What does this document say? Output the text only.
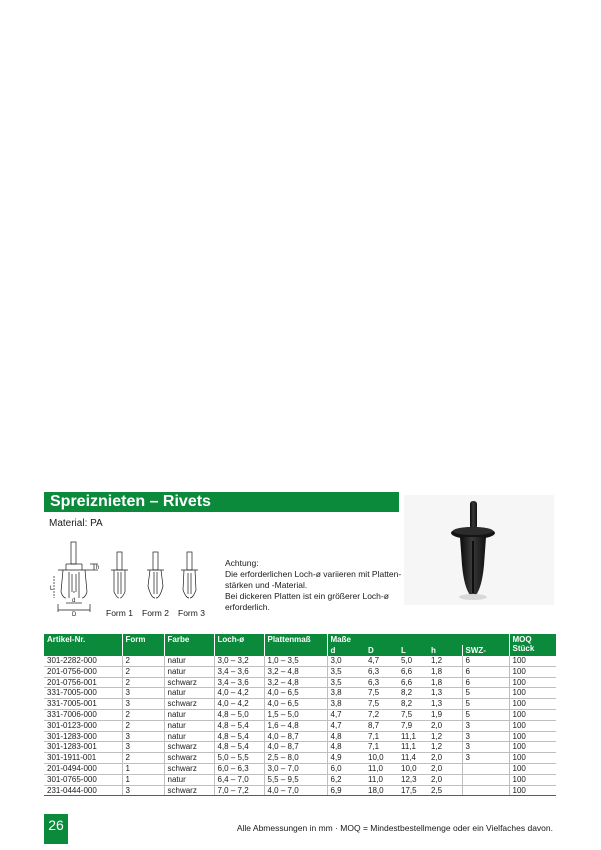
Spreiznieten – Rivets
Material: PA
h
L
d
D	Form 1 Form 2 Form 3
Achtung:
Die erforderlichen Loch-ø variieren mit Platten-
stärken und -Material.
Bei dickeren Platten ist ein größerer Loch-ø
erforderlich.
Artikel-Nr.	Form	Farbe	Loch-ø	Plattenmaß	Maße				SWZ-	MOQ
Stück

					d	D	L	h		
301-2282-000	2	natur	3,0 – 3,2	1,0 – 3,5	3,0	4,7	5,0	1,2	6	100
201-0756-000	2	natur	3,4 – 3,6	3,2 – 4,8	3,5	6,3	6,6	1,8	6	100
201-0756-001	2	schwarz	3,4 – 3,6	3,2 – 4,8	3,5	6,3	6,6	1,8	6	100
331-7005-000	3	natur	4,0 – 4,2	4,0 – 6,5	3,8	7,5	8,2	1,3	5	100
331-7005-001	3	schwarz	4,0 – 4,2	4,0 – 6,5	3,8	7,5	8,2	1,3	5	100
331-7006-000	2	natur	4,8 – 5,0	1,5 – 5,0	4,7	7,2	7,5	1,9	5	100
301-0123-000	2	natur	4,8 – 5,4	1,6 – 4,8	4,7	8,7	7,9	2,0	3	100
301-1283-000	3	natur	4,8 – 5,4	4,0 – 8,7	4,8	7,1	11,1	1,2	3	100
301-1283-001	3	schwarz	4,8 – 5,4	4,0 – 8,7	4,8	7,1	11,1	1,2	3	100
301-1911-001	2	schwarz	5,0 – 5,5	2,5 – 8,0	4,9	10,0	11,4	2,0	3	100
201-0494-000	1	schwarz	6,0 – 6,3	3,0 – 7,0	6,0	11,0	10,0	2,0		100
301-0765-000	1	natur	6,4 – 7,0	5,5 – 9,5	6,2	11,0	12,3	2,0		100
231-0444-000	3	schwarz	7,0 – 7,2	4,0 – 7,0	6,9	18,0	17,5	2,5		100
26	Alle Abmessungen in mm · MOQ = Mindestbestellmenge oder ein Vielfaches davon.
